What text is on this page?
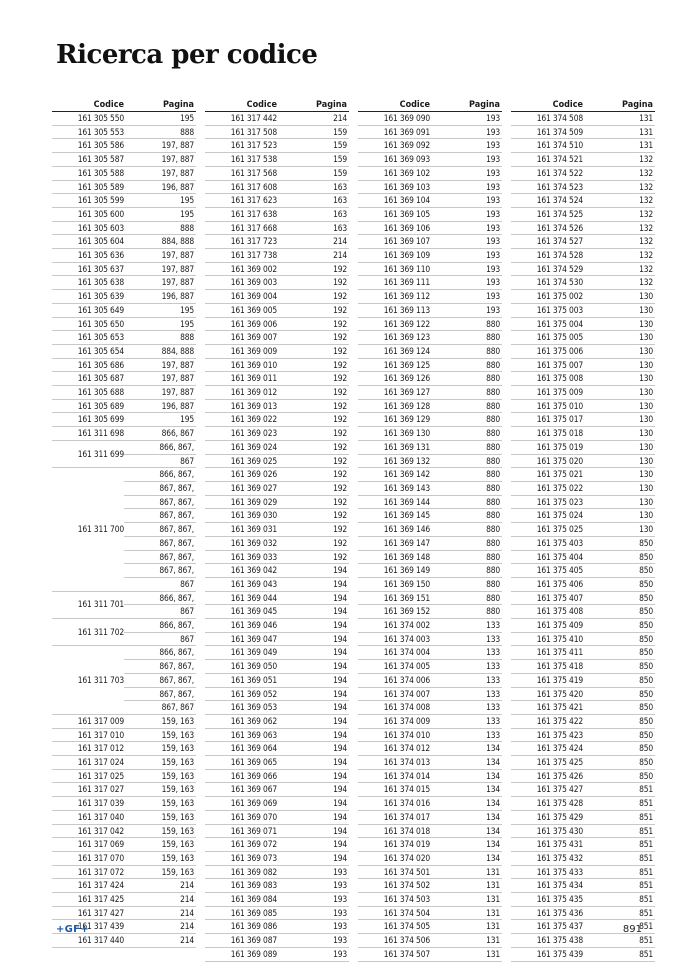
Ricerca per codice
Codice	Pagina
161 305 550	195
161 305 553	888
161 305 586	197, 887
161 305 587	197, 887
161 305 588	197, 887
161 305 589	196, 887
161 305 599	195
161 305 600	195
161 305 603	888
161 305 604	884, 888
161 305 636	197, 887
161 305 637	197, 887
161 305 638	197, 887
161 305 639	196, 887
161 305 649	195
161 305 650	195
161 305 653	888
161 305 654	884, 888
161 305 686	197, 887
161 305 687	197, 887
161 305 688	197, 887
161 305 689	196, 887
161 305 699	195
161 311 698	866, 867
161 311 699	866, 867,
	867
161 311 700	866, 867,
	867, 867,
	867, 867,
	867, 867,
	867, 867,
	867, 867,
	867, 867,
	867, 867,
	867
161 311 701	866, 867,
	867
161 311 702	866, 867,
	867
161 311 703	866, 867,
	867, 867,
	867, 867,
	867, 867,
	867, 867
161 317 009	159, 163
161 317 010	159, 163
161 317 012	159, 163
161 317 024	159, 163
161 317 025	159, 163
161 317 027	159, 163
161 317 039	159, 163
161 317 040	159, 163
161 317 042	159, 163
161 317 069	159, 163
161 317 070	159, 163
161 317 072	159, 163
161 317 424	214
161 317 425	214
161 317 427	214
161 317 439	214
161 317 440	214
Codice	Pagina
161 317 442	214
161 317 508	159
161 317 523	159
161 317 538	159
161 317 568	159
161 317 608	163
161 317 623	163
161 317 638	163
161 317 668	163
161 317 723	214
161 317 738	214
161 369 002	192
161 369 003	192
161 369 004	192
161 369 005	192
161 369 006	192
161 369 007	192
161 369 009	192
161 369 010	192
161 369 011	192
161 369 012	192
161 369 013	192
161 369 022	192
161 369 023	192
161 369 024	192
161 369 025	192
161 369 026	192
161 369 027	192
161 369 029	192
161 369 030	192
161 369 031	192
161 369 032	192
161 369 033	192
161 369 042	194
161 369 043	194
161 369 044	194
161 369 045	194
161 369 046	194
161 369 047	194
161 369 049	194
161 369 050	194
161 369 051	194
161 369 052	194
161 369 053	194
161 369 062	194
161 369 063	194
161 369 064	194
161 369 065	194
161 369 066	194
161 369 067	194
161 369 069	194
161 369 070	194
161 369 071	194
161 369 072	194
161 369 073	194
161 369 082	193
161 369 083	193
161 369 084	193
161 369 085	193
161 369 086	193
161 369 087	193
161 369 089	193
Codice	Pagina
161 369 090	193
161 369 091	193
161 369 092	193
161 369 093	193
161 369 102	193
161 369 103	193
161 369 104	193
161 369 105	193
161 369 106	193
161 369 107	193
161 369 109	193
161 369 110	193
161 369 111	193
161 369 112	193
161 369 113	193
161 369 122	880
161 369 123	880
161 369 124	880
161 369 125	880
161 369 126	880
161 369 127	880
161 369 128	880
161 369 129	880
161 369 130	880
161 369 131	880
161 369 132	880
161 369 142	880
161 369 143	880
161 369 144	880
161 369 145	880
161 369 146	880
161 369 147	880
161 369 148	880
161 369 149	880
161 369 150	880
161 369 151	880
161 369 152	880
161 374 002	133
161 374 003	133
161 374 004	133
161 374 005	133
161 374 006	133
161 374 007	133
161 374 008	133
161 374 009	133
161 374 010	133
161 374 012	134
161 374 013	134
161 374 014	134
161 374 015	134
161 374 016	134
161 374 017	134
161 374 018	134
161 374 019	134
161 374 020	134
161 374 501	131
161 374 502	131
161 374 503	131
161 374 504	131
161 374 505	131
161 374 506	131
161 374 507	131
Codice	Pagina
161 374 508	131
161 374 509	131
161 374 510	131
161 374 521	132
161 374 522	132
161 374 523	132
161 374 524	132
161 374 525	132
161 374 526	132
161 374 527	132
161 374 528	132
161 374 529	132
161 374 530	132
161 375 002	130
161 375 003	130
161 375 004	130
161 375 005	130
161 375 006	130
161 375 007	130
161 375 008	130
161 375 009	130
161 375 010	130
161 375 017	130
161 375 018	130
161 375 019	130
161 375 020	130
161 375 021	130
161 375 022	130
161 375 023	130
161 375 024	130
161 375 025	130
161 375 403	850
161 375 404	850
161 375 405	850
161 375 406	850
161 375 407	850
161 375 408	850
161 375 409	850
161 375 410	850
161 375 411	850
161 375 418	850
161 375 419	850
161 375 420	850
161 375 421	850
161 375 422	850
161 375 423	850
161 375 424	850
161 375 425	850
161 375 426	850
161 375 427	851
161 375 428	851
161 375 429	851
161 375 430	851
161 375 431	851
161 375 432	851
161 375 433	851
161 375 434	851
161 375 435	851
161 375 436	851
161 375 437	851
161 375 438	851
161 375 439	851
+GF+	891
